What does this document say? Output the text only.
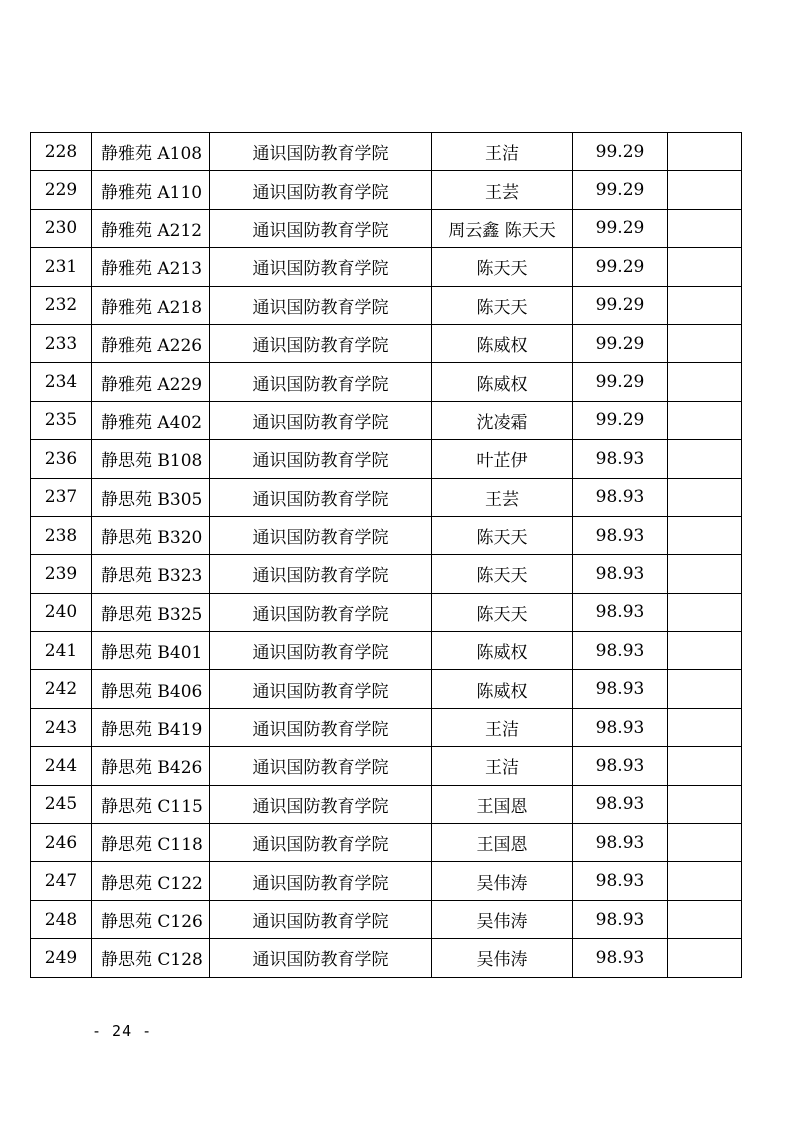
228	静雅苑 A108	通识国防教育学院	王洁	99.29	
229	静雅苑 A110	通识国防教育学院	王芸	99.29	
230	静雅苑 A212	通识国防教育学院	周云鑫 陈天天	99.29	
231	静雅苑 A213	通识国防教育学院	陈天天	99.29	
232	静雅苑 A218	通识国防教育学院	陈天天	99.29	
233	静雅苑 A226	通识国防教育学院	陈威权	99.29	
234	静雅苑 A229	通识国防教育学院	陈威权	99.29	
235	静雅苑 A402	通识国防教育学院	沈凌霜	99.29	
236	静思苑 B108	通识国防教育学院	叶芷伊	98.93	
237	静思苑 B305	通识国防教育学院	王芸	98.93	
238	静思苑 B320	通识国防教育学院	陈天天	98.93	
239	静思苑 B323	通识国防教育学院	陈天天	98.93	
240	静思苑 B325	通识国防教育学院	陈天天	98.93	
241	静思苑 B401	通识国防教育学院	陈威权	98.93	
242	静思苑 B406	通识国防教育学院	陈威权	98.93	
243	静思苑 B419	通识国防教育学院	王洁	98.93	
244	静思苑 B426	通识国防教育学院	王洁	98.93	
245	静思苑 C115	通识国防教育学院	王国恩	98.93	
246	静思苑 C118	通识国防教育学院	王国恩	98.93	
247	静思苑 C122	通识国防教育学院	吴伟涛	98.93	
248	静思苑 C126	通识国防教育学院	吴伟涛	98.93	
249	静思苑 C128	通识国防教育学院	吴伟涛	98.93	
- 24 -
